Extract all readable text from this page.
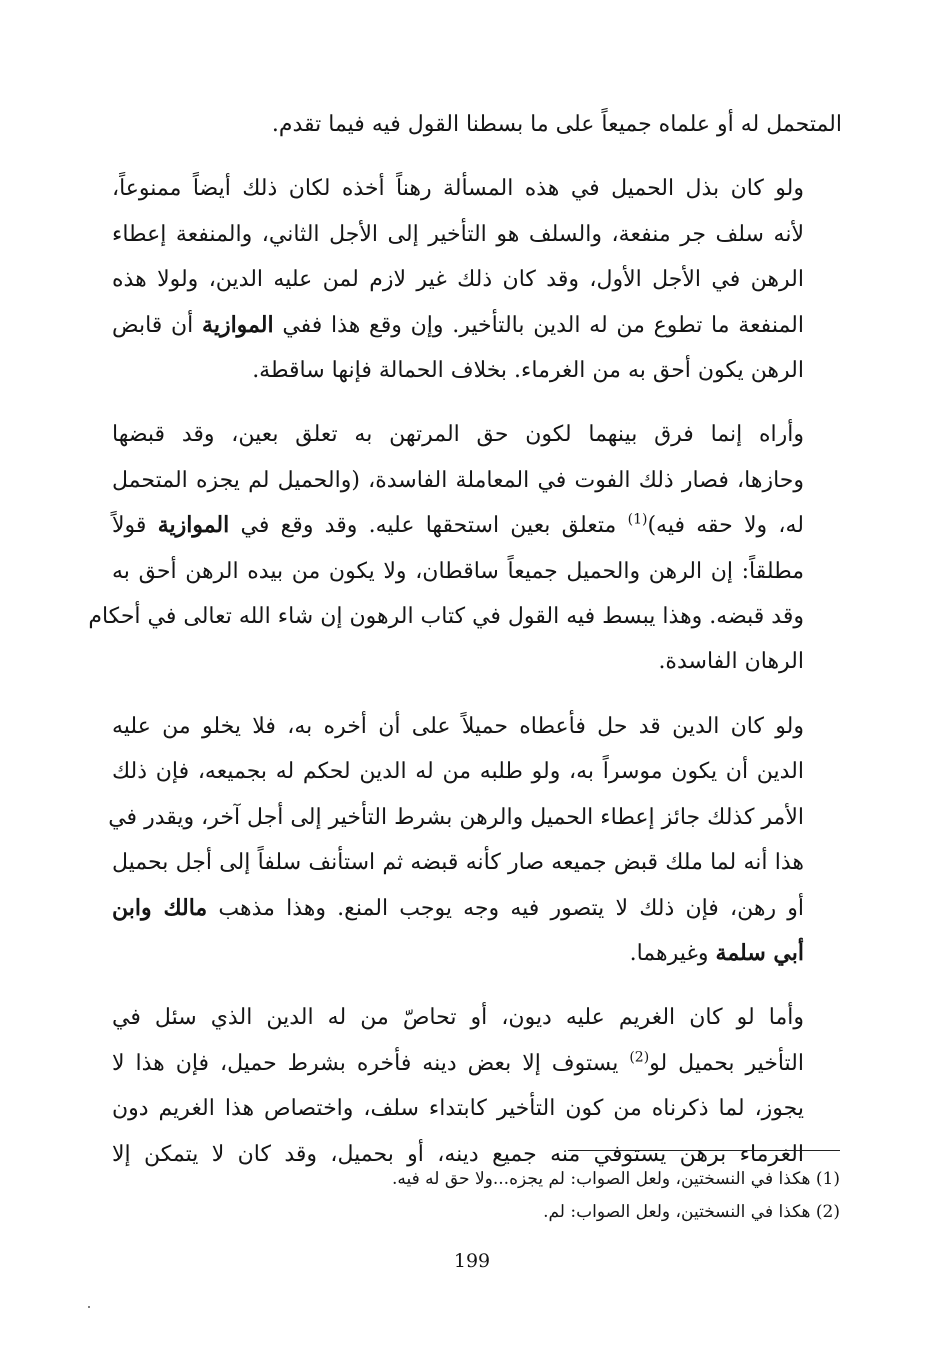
المتحمل له أو علماه جميعاً على ما بسطنا القول فيه فيما تقدم.

ولو كان بذل الحميل في هذه المسألة رهناً أخذه لكان ذلك أيضاً ممنوعاً،
لأنه سلف جر منفعة، والسلف هو التأخير إلى الأجل الثاني، والمنفعة إعطاء
الرهن في الأجل الأول، وقد كان ذلك غير لازم لمن عليه الدين، ولولا هذه
المنفعة ما تطوع من له الدين بالتأخير. وإن وقع هذا ففي الموازية أن قابض
الرهن يكون أحق به من الغرماء. بخلاف الحمالة فإنها ساقطة.

وأراه إنما فرق بينهما لكون حق المرتهن به تعلق بعين، وقد قبضها
وحازها، فصار ذلك الفوت في المعاملة الفاسدة، (والحميل لم يجزه المتحمل
له، ولا حقه فيه)$^{(1)}$ متعلق بعين استحقها عليه. وقد وقع في الموازية قولاً
مطلقاً: إن الرهن والحميل جميعاً ساقطان، ولا يكون من بيده الرهن أحق به
وقد قبضه. وهذا يبسط فيه القول في كتاب الرهون إن شاء الله تعالى في أحكام
الرهان الفاسدة.

ولو كان الدين قد حل فأعطاه حميلاً على أن أخره به، فلا يخلو من عليه
الدين أن يكون موسراً به، ولو طلبه من له الدين لحكم له بجميعه، فإن ذلك
الأمر كذلك جائز إعطاء الحميل والرهن بشرط التأخير إلى أجل آخر، ويقدر في
هذا أنه لما ملك قبض جميعه صار كأنه قبضه ثم استأنف سلفاً إلى أجل بحميل
أو رهن، فإن ذلك لا يتصور فيه وجه يوجب المنع. وهذا مذهب مالك وابن
أبي سلمة وغيرهما.

وأما لو كان الغريم عليه ديون، أو تحاصّ من له الدين الذي سئل في
التأخير بحميل لو$^{(2)}$ يستوف إلا بعض دينه فأخره بشرط حميل، فإن هذا لا
يجوز، لما ذكرناه من كون التأخير كابتداء سلف، واختصاص هذا الغريم دون
الغرماء برهن يستوفي منه جميع دينه، أو بحميل، وقد كان لا يتمكن إلا

(1) هكذا في النسختين، ولعل الصواب: لم يجزه...ولا حق له فيه.
(2) هكذا في النسختين، ولعل الصواب: لم.
199
